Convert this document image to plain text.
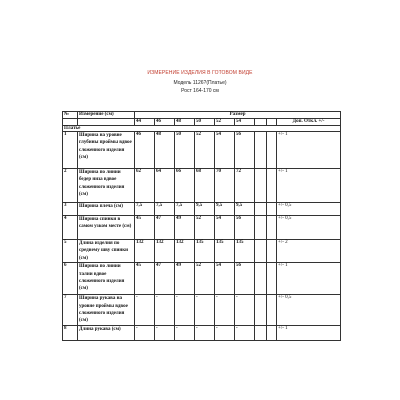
ИЗМЕРЕНИЕ ИЗДЕЛИЯ В ГОТОВОМ ВИДЕ
Модель 1126?(Платье)
Рост 164-170 см
№	Измерение (см)	Размер								
		44	46	48	50	52	54			Доп. Откл. +/-
Платье										
1	Ширина на уровне глубины проймы вдвое сложенного изделия (см)	46	48	50	52	54	56			+/- 1
2	Ширина по линии бедер низа вдвое сложенного изделия (см)	62	64	66	68	70	72			+/- 1
3	Ширина плеча (см)	7,5	7,5	7,5	9,5	9,5	9,5			+/- 0,5
4	Ширина спинки в самом узком месте (см)	45	47	49	52	54	56			+/- 0,5
5	Длина изделия по среднему шву спинки (см)	132	132	132	135	135	135			+/- 2
6	Ширина по линии талии вдвое сложенного изделия (см)	45	47	49	52	54	56			+/- 1
7	Ширина рукава на уровне проймы вдвое сложенного изделия (см)	-	-	-	-	-	-			+/- 0,5
8	Длина рукава (см)	-	-	-	-	-	-			+/- 1
